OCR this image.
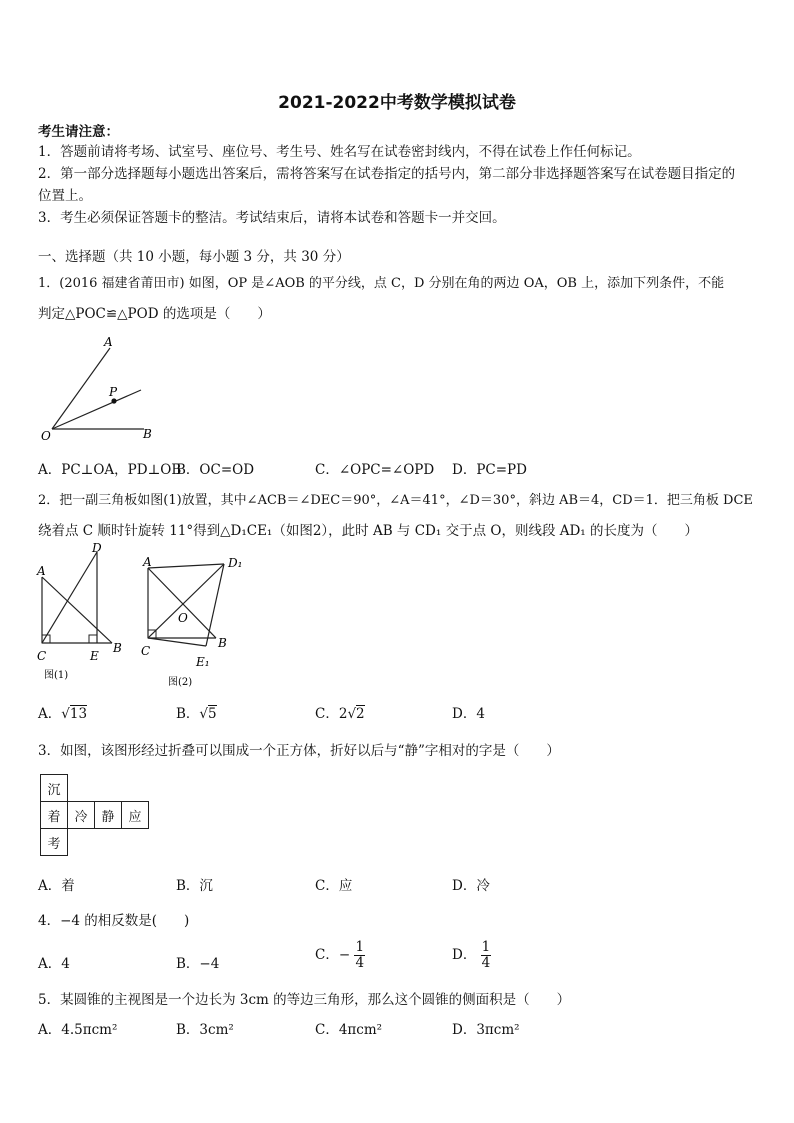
2021-2022中考数学模拟试卷
考生请注意：
1．答题前请将考场、试室号、座位号、考生号、姓名写在试卷密封线内，不得在试卷上作任何标记。
2．第一部分选择题每小题选出答案后，需将答案写在试卷指定的括号内，第二部分非选择题答案写在试卷题目指定的
位置上。
3．考生必须保证答题卡的整洁。考试结束后，请将本试卷和答题卡一并交回。
一、选择题（共 10 小题，每小题 3 分，共 30 分）
1．(2016 福建省莆田市) 如图，OP 是∠AOB 的平分线，点 C，D 分别在角的两边 OA，OB 上，添加下列条件，不能
判定△POC≌△POD 的选项是（　　）
A
P
O	B
A．PC⊥OA，PD⊥OB
B．OC=OD	C．∠OPC=∠OPD D．PC=PD
2．把一副三角板如图(1)放置，其中∠ACB＝∠DEC＝90°，∠A＝41°，∠D＝30°，斜边 AB＝4，CD＝1．把三角板 DCE
绕着点 C 顺时针旋转 11°得到△D₁CE₁（如图2），此时 AB 与 CD₁ 交于点 O，则线段 AD₁ 的长度为（　　）
A
D
C	E
B
图(1)
A	D₁
O
B
C
E₁
图(2)
A．√13	B．√5	C．2√2	D．4
3．如图，该图形经过折叠可以围成一个正方体，折好以后与“静”字相对的字是（　　）
沉			
着	冷	静	应
考			
A．着	B．沉	C．应	D．冷
4．−4 的相反数是(　　)
A．4	B．−4
C．− $\frac{1}{4}$	D． $\frac{1}{4}$
5．某圆锥的主视图是一个边长为 3cm 的等边三角形，那么这个圆锥的侧面积是（　　）
A．4.5πcm²	B．3cm²	C．4πcm²	D．3πcm²
